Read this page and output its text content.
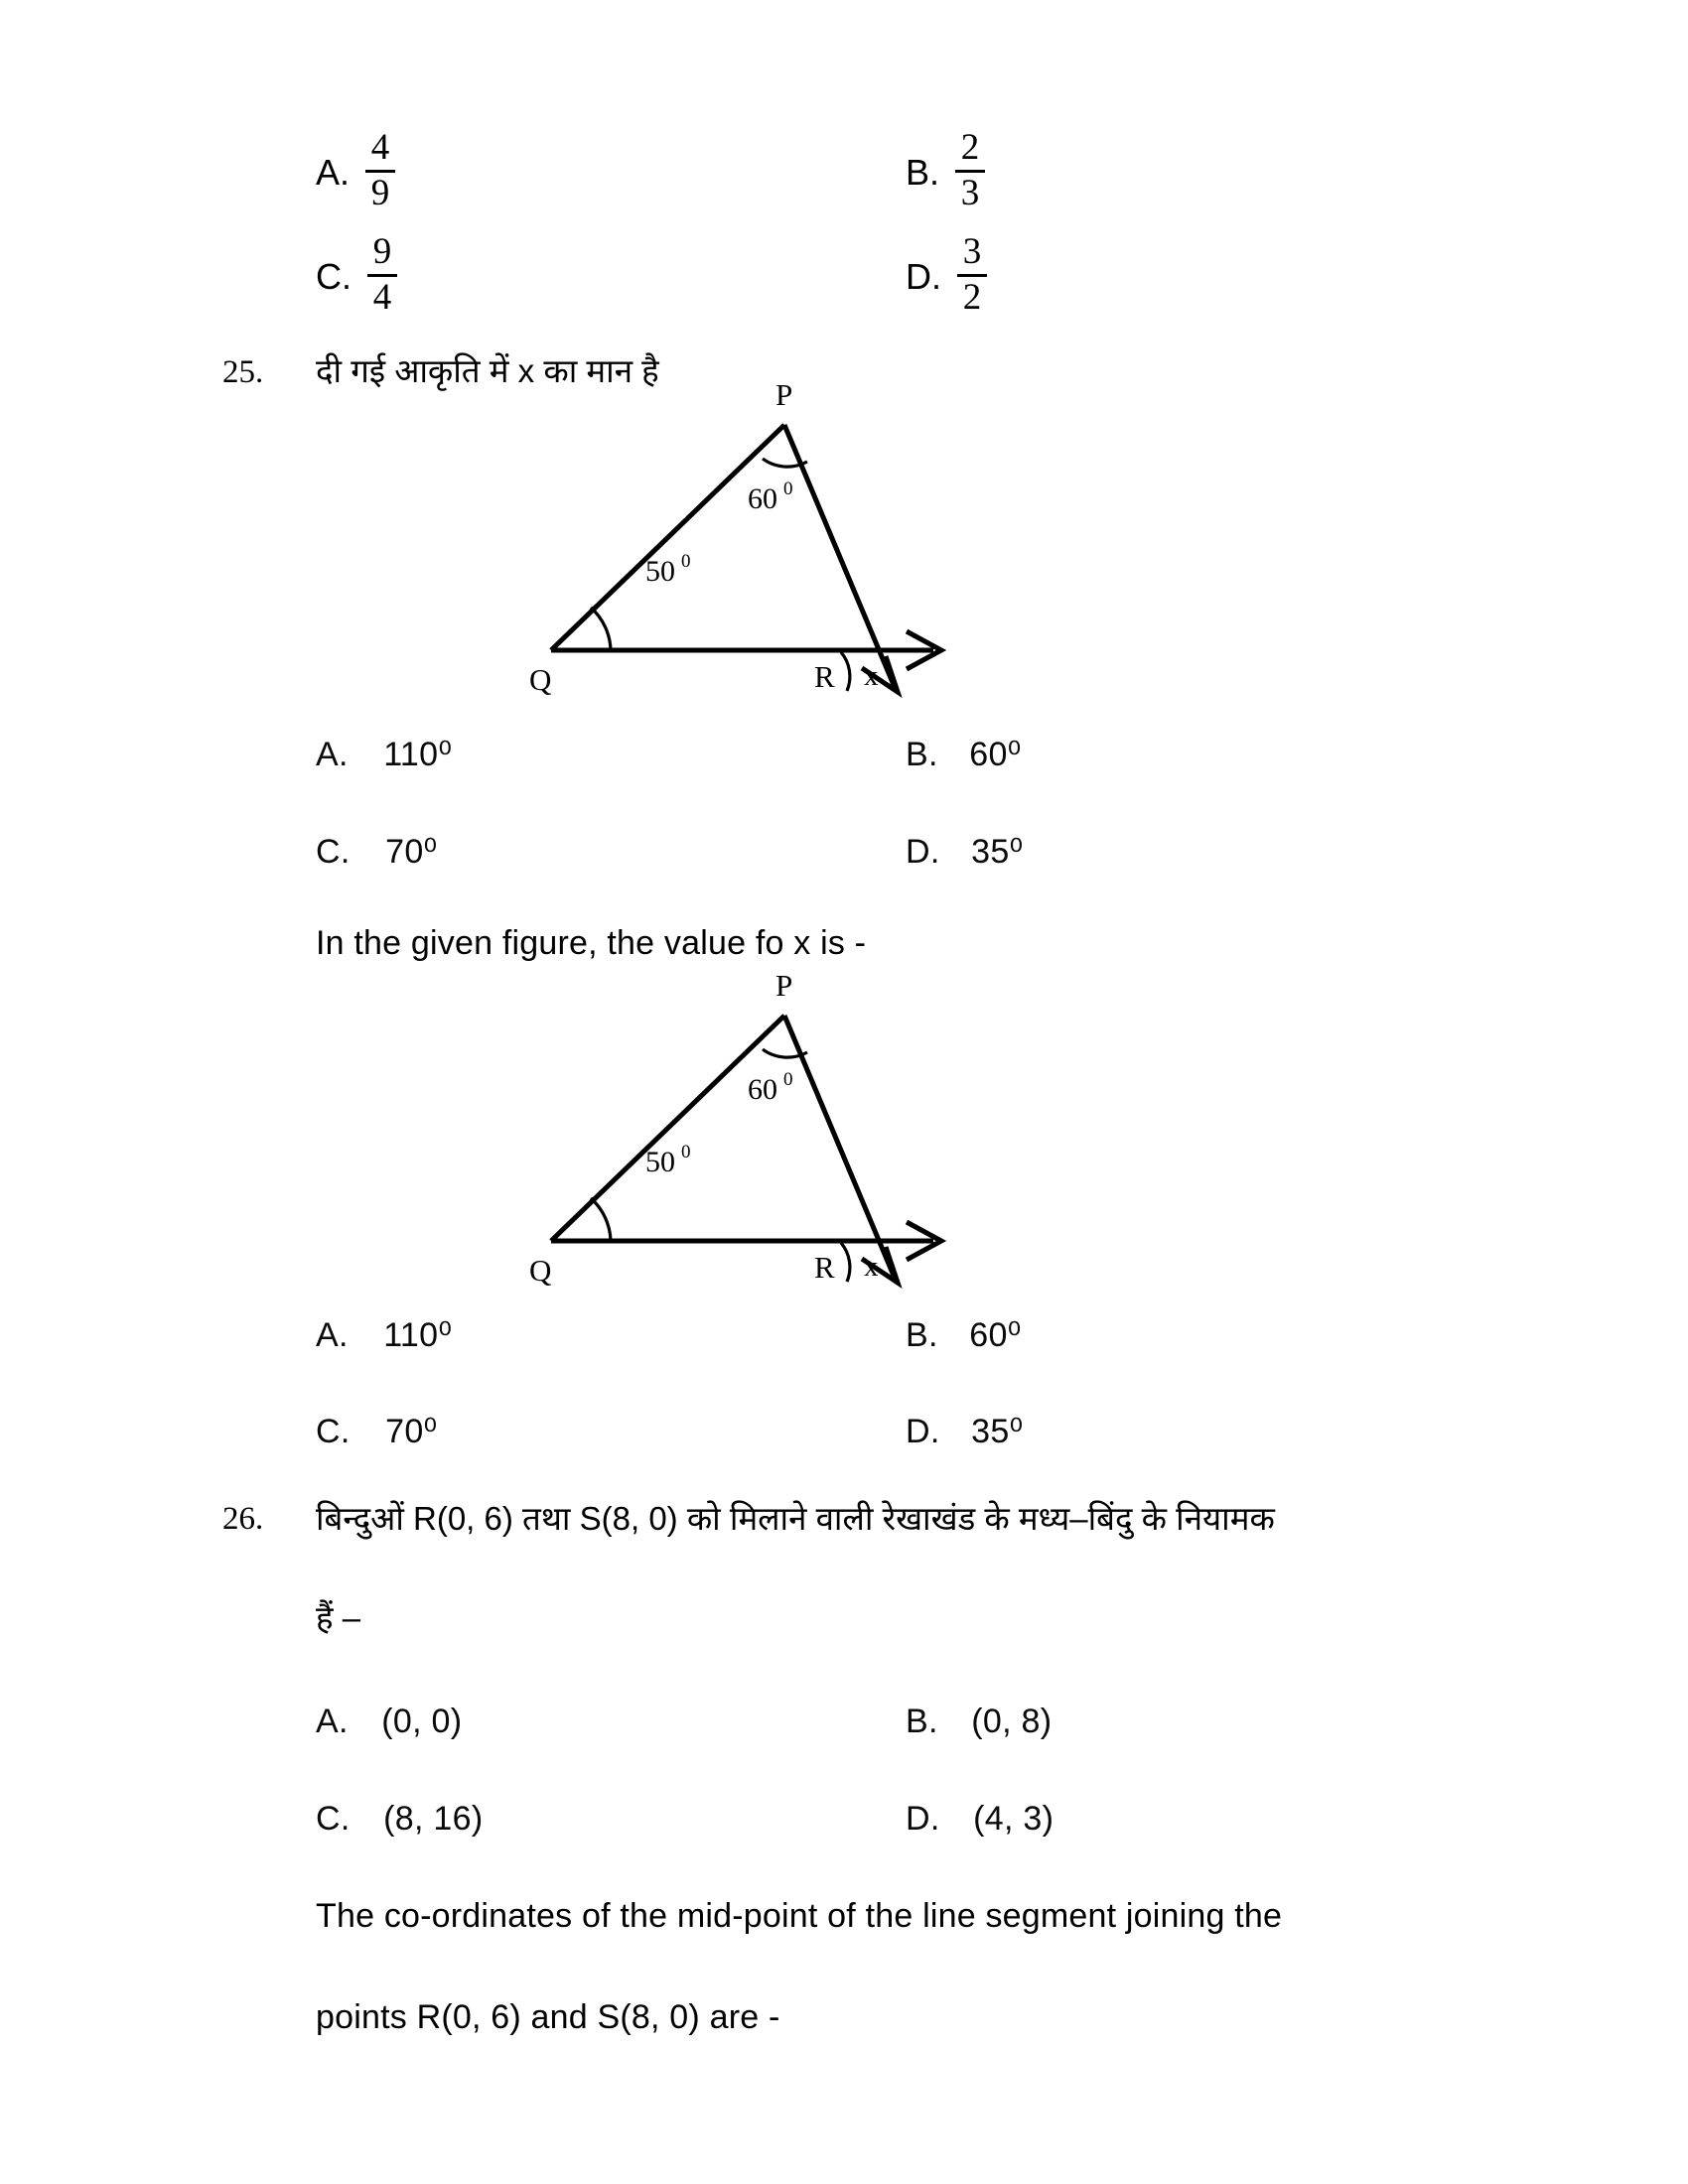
A. $\frac{4}{9}$	B. $\frac{2}{3}$
C. $\frac{9}{4}$	D. $\frac{3}{2}$
25. दी गई आकृति में x का मान है
P
Q	R
60 0
50 0
x
A. 110⁰	B. 60⁰
C. 70⁰	D. 35⁰
In the given figure, the value fo x is -
P
Q	R
60 0
50 0
x
A. 110⁰	B. 60⁰
C. 70⁰	D. 35⁰
26. बिन्दुओं R(0, 6) तथा S(8, 0) को मिलाने वाली रेखाखंड के मध्य–बिंदु के नियामक
हैं –
A. (0, 0)	B. (0, 8)
C. (8, 16)	D. (4, 3)
The co-ordinates of the mid-point of the line segment joining the
points R(0, 6) and S(8, 0) are -
